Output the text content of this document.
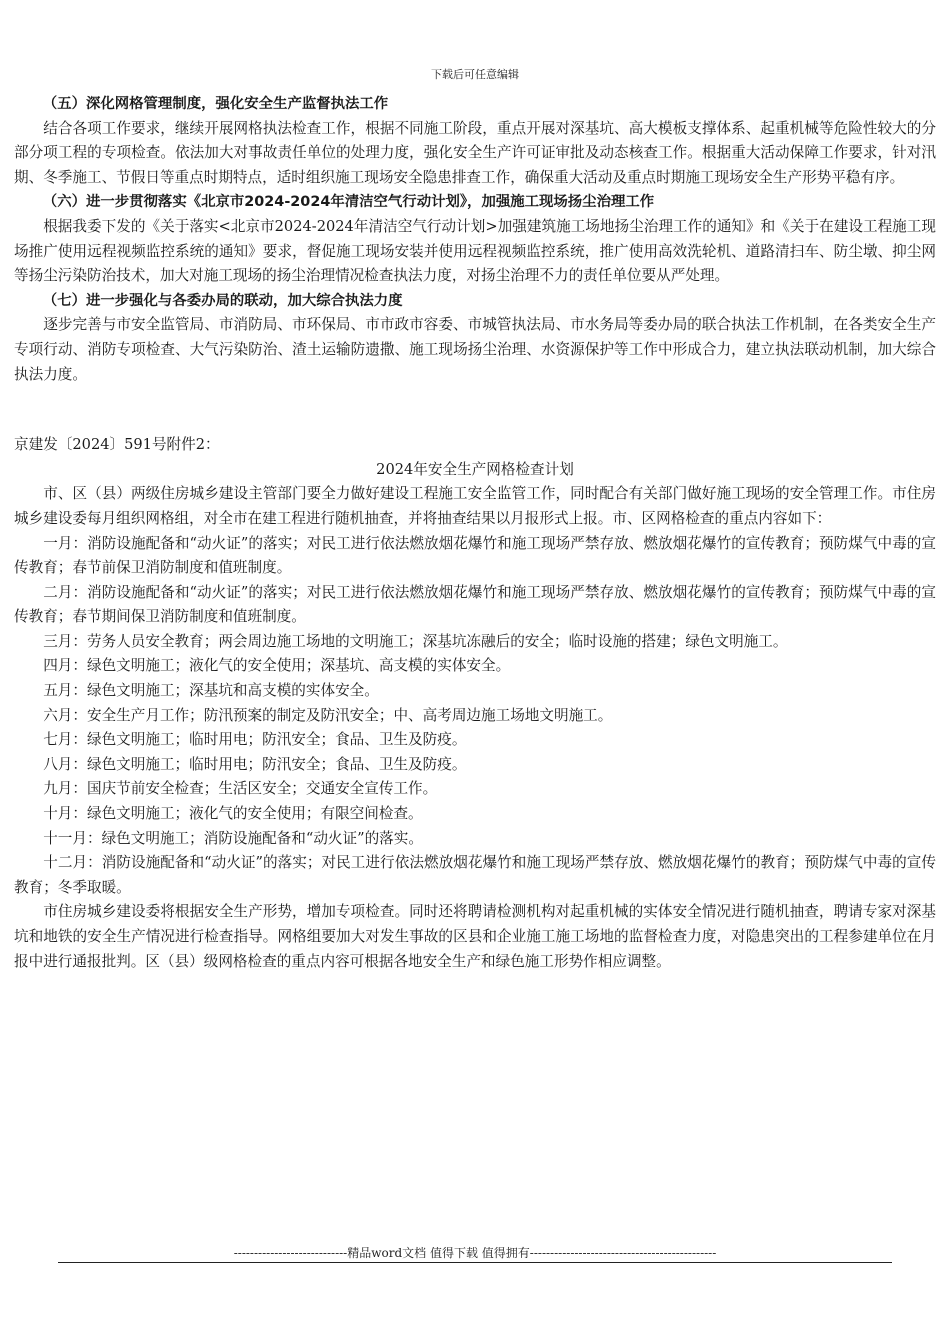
下载后可任意编辑

（五）深化网格管理制度，强化安全生产监督执法工作

结合各项工作要求，继续开展网格执法检查工作，根据不同施工阶段，重点开展对深基坑、高大模板支撑体系、起重机械等危险性较大的分部分项工程的专项检查。依法加大对事故责任单位的处理力度，强化安全生产许可证审批及动态核查工作。根据重大活动保障工作要求，针对汛期、冬季施工、节假日等重点时期特点，适时组织施工现场安全隐患排查工作，确保重大活动及重点时期施工现场安全生产形势平稳有序。

（六）进一步贯彻落实《北京市2024-2024年清洁空气行动计划》，加强施工现场扬尘治理工作

根据我委下发的《关于落实<北京市2024-2024年清洁空气行动计划>加强建筑施工场地扬尘治理工作的通知》和《关于在建设工程施工现场推广使用远程视频监控系统的通知》要求，督促施工现场安装并使用远程视频监控系统，推广使用高效洗轮机、道路清扫车、防尘墩、抑尘网等扬尘污染防治技术，加大对施工现场的扬尘治理情况检查执法力度，对扬尘治理不力的责任单位要从严处理。

（七）进一步强化与各委办局的联动，加大综合执法力度

逐步完善与市安全监管局、市消防局、市环保局、市市政市容委、市城管执法局、市水务局等委办局的联合执法工作机制，在各类安全生产专项行动、消防专项检查、大气污染防治、渣土运输防遗撒、施工现场扬尘治理、水资源保护等工作中形成合力，建立执法联动机制，加大综合执法力度。

京建发〔2024〕591号附件2：

2024年安全生产网格检查计划

市、区（县）两级住房城乡建设主管部门要全力做好建设工程施工安全监管工作，同时配合有关部门做好施工现场的安全管理工作。市住房城乡建设委每月组织网格组，对全市在建工程进行随机抽查，并将抽查结果以月报形式上报。市、区网格检查的重点内容如下：

一月：消防设施配备和“动火证”的落实；对民工进行依法燃放烟花爆竹和施工现场严禁存放、燃放烟花爆竹的宣传教育；预防煤气中毒的宣传教育；春节前保卫消防制度和值班制度。

二月：消防设施配备和“动火证”的落实；对民工进行依法燃放烟花爆竹和施工现场严禁存放、燃放烟花爆竹的宣传教育；预防煤气中毒的宣传教育；春节期间保卫消防制度和值班制度。

三月：劳务人员安全教育；两会周边施工场地的文明施工；深基坑冻融后的安全；临时设施的搭建；绿色文明施工。

四月：绿色文明施工；液化气的安全使用；深基坑、高支模的实体安全。

五月：绿色文明施工；深基坑和高支模的实体安全。

六月：安全生产月工作；防汛预案的制定及防汛安全；中、高考周边施工场地文明施工。

七月：绿色文明施工；临时用电；防汛安全；食品、卫生及防疫。

八月：绿色文明施工；临时用电；防汛安全；食品、卫生及防疫。

九月：国庆节前安全检查；生活区安全；交通安全宣传工作。

十月：绿色文明施工；液化气的安全使用；有限空间检查。

十一月：绿色文明施工；消防设施配备和“动火证”的落实。

十二月：消防设施配备和“动火证”的落实；对民工进行依法燃放烟花爆竹和施工现场严禁存放、燃放烟花爆竹的教育；预防煤气中毒的宣传教育；冬季取暖。

市住房城乡建设委将根据安全生产形势，增加专项检查。同时还将聘请检测机构对起重机械的实体安全情况进行随机抽查，聘请专家对深基坑和地铁的安全生产情况进行检查指导。网格组要加大对发生事故的区县和企业施工施工场地的监督检查力度，对隐患突出的工程参建单位在月报中进行通报批判。区（县）级网格检查的重点内容可根据各地安全生产和绿色施工形势作相应调整。

----------------------------精品word文档 值得下载 值得拥有----------------------------------------------
